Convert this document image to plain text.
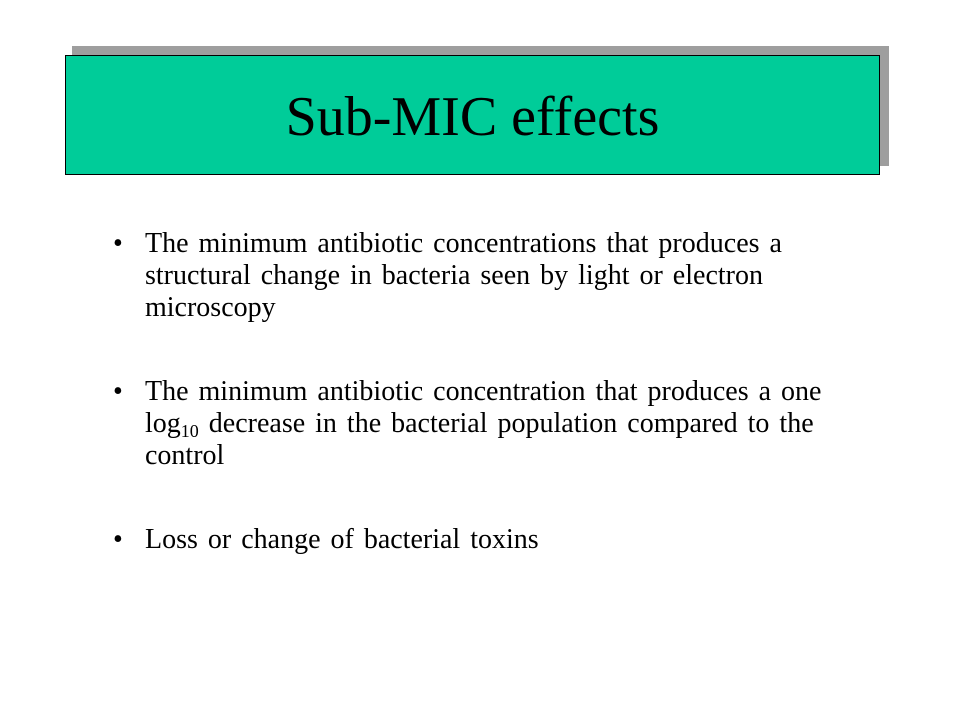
Sub-MIC effects
• The minimum antibiotic concentrations that produces a structural change in bacteria seen by light or electron microscopy
• The minimum antibiotic concentration that produces a one $\log_{10}$ decrease in the bacterial population compared to the control
• Loss or change of bacterial toxins
